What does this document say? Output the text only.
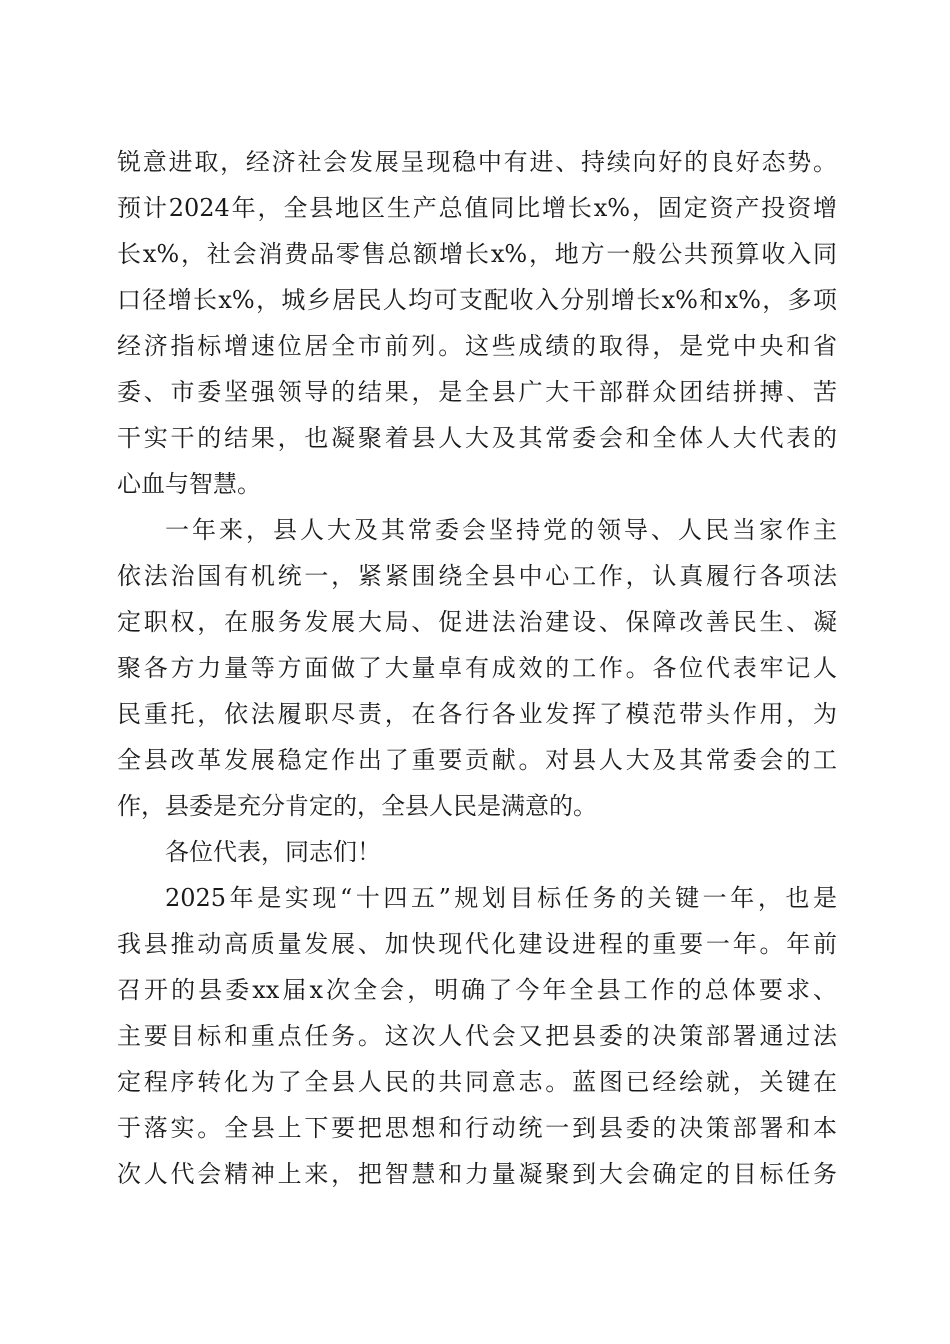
锐意进取，经济社会发展呈现稳中有进、持续向好的良好态势。
预计2024年，全县地区生产总值同比增长x%，固定资产投资增
长x%，社会消费品零售总额增长x%，地方一般公共预算收入同
口径增长x%，城乡居民人均可支配收入分别增长x%和x%，多项
经济指标增速位居全市前列。这些成绩的取得，是党中央和省
委、市委坚强领导的结果，是全县广大干部群众团结拼搏、苦
干实干的结果，也凝聚着县人大及其常委会和全体人大代表的
心血与智慧。
一年来，县人大及其常委会坚持党的领导、人民当家作主
依法治国有机统一，紧紧围绕全县中心工作，认真履行各项法
定职权，在服务发展大局、促进法治建设、保障改善民生、凝
聚各方力量等方面做了大量卓有成效的工作。各位代表牢记人
民重托，依法履职尽责，在各行各业发挥了模范带头作用，为
全县改革发展稳定作出了重要贡献。对县人大及其常委会的工
作，县委是充分肯定的，全县人民是满意的。
各位代表，同志们！
2025年是实现“十四五”规划目标任务的关键一年，也是
我县推动高质量发展、加快现代化建设进程的重要一年。年前
召开的县委xx届x次全会，明确了今年全县工作的总体要求、
主要目标和重点任务。这次人代会又把县委的决策部署通过法
定程序转化为了全县人民的共同意志。蓝图已经绘就，关键在
于落实。全县上下要把思想和行动统一到县委的决策部署和本
次人代会精神上来，把智慧和力量凝聚到大会确定的目标任务
